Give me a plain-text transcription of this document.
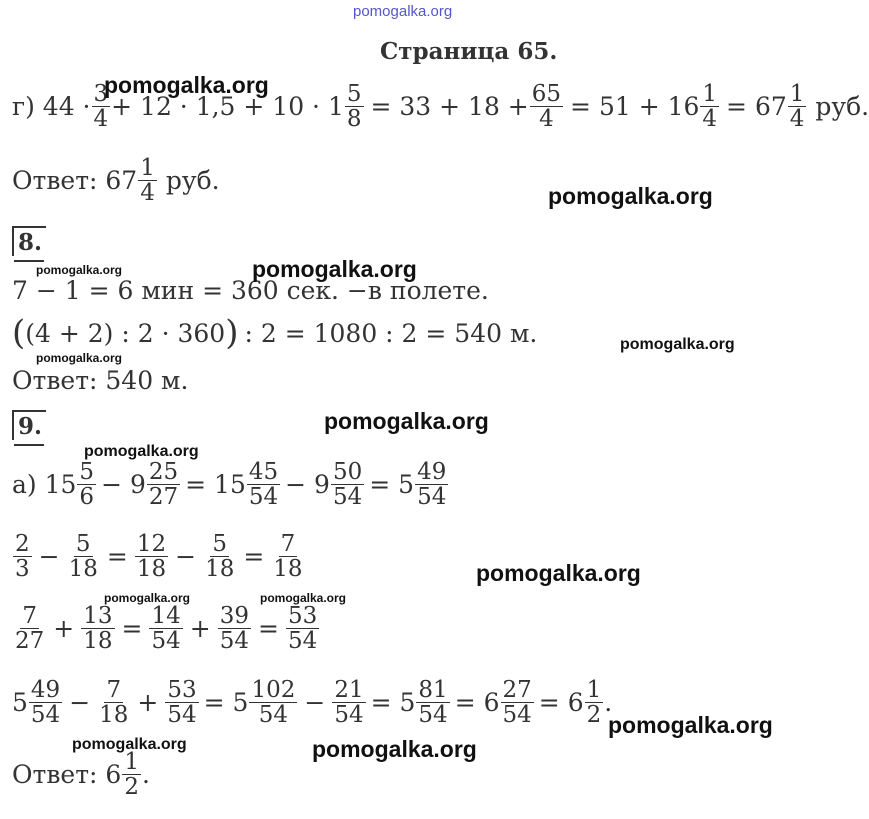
pomogalka.org
Страница 65.
г) $44 \cdot \frac{3}{4} + 12 \cdot 1,5 + 10 \cdot 1 \frac{5}{8} = 33 + 18 + \frac{65}{4} = 51 + 16 \frac{1}{4} = 67 \frac{1}{4}$ руб.
Ответ: $67 \frac{1}{4}$ руб.
8.
7 − 1 = 6 мин = 360 сек. −в полете.
( (4 + 2) : 2 · 360 ) : 2 = 1080 : 2 = 540 м.
Ответ: 540 м.
9.
а) $15 \frac{5}{6} - 9 \frac{25}{27} = 15 \frac{45}{54} - 9 \frac{50}{54} = 5 \frac{49}{54}$
$\frac{2}{3} - \frac{5}{18} = \frac{12}{18} - \frac{5}{18} = \frac{7}{18}$
$\frac{7}{27} + \frac{13}{18} = \frac{14}{54} + \frac{39}{54} = \frac{53}{54}$
$5 \frac{49}{54} - \frac{7}{18} + \frac{53}{54} = 5 \frac{102}{54} - \frac{21}{54} = 5 \frac{81}{54} = 6 \frac{27}{54} = 6 \frac{1}{2}$ .
Ответ: $6 \frac{1}{2}$ .
pomogalka.org
pomogalka.org
pomogalka.org	pomogalka.org
pomogalka.org
pomogalka.org
pomogalka.org
pomogalka.org
pomogalka.org
pomogalka.org	pomogalka.org
pomogalka.org
pomogalka.org	pomogalka.org
